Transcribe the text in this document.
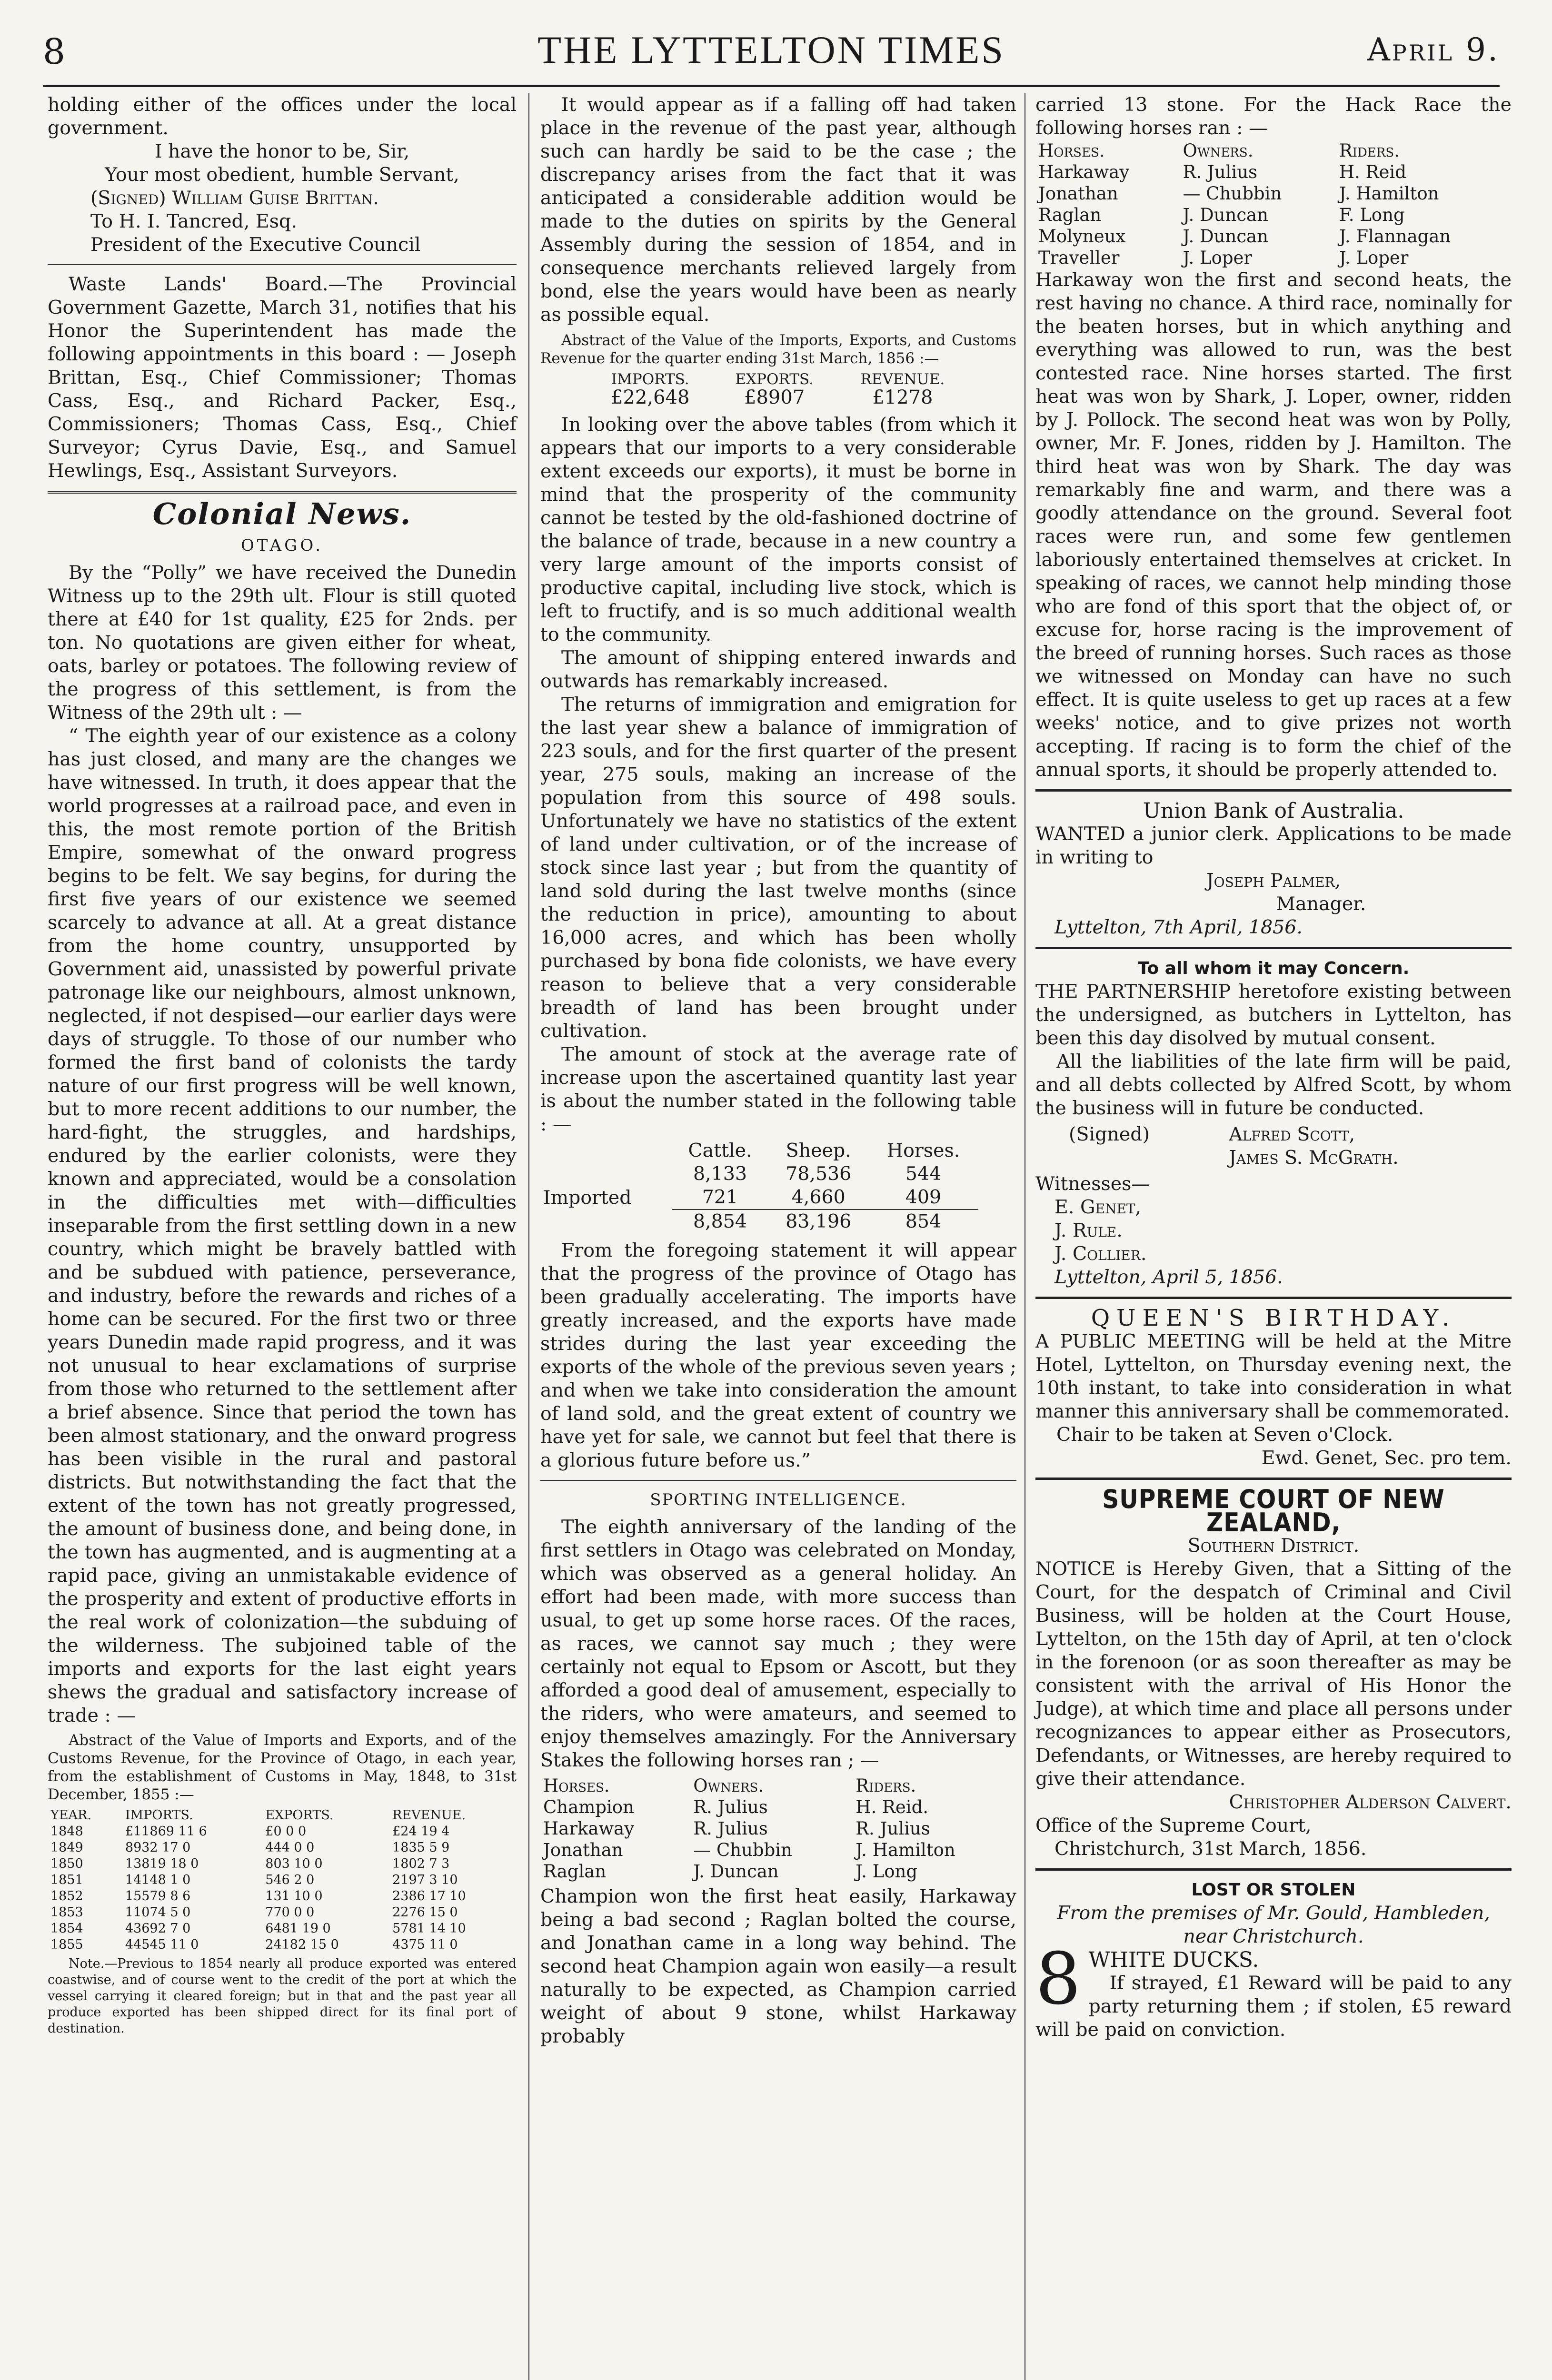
8	THE LYTTELTON TIMES	April 9.

holding either of the offices under the local government.

I have the honor to be, Sir,

Your most obedient, humble Servant,

(Signed) William Guise Brittan.

To H. I. Tancred, Esq.

President of the Executive Council

Waste Lands' Board.—The Provincial Government Gazette, March 31, notifies that his Honor the Superintendent has made the following appointments in this board : — Joseph Brittan, Esq., Chief Commissioner; Thomas Cass, Esq., and Richard Packer, Esq., Commissioners; Thomas Cass, Esq., Chief Surveyor; Cyrus Davie, Esq., and Samuel Hewlings, Esq., Assistant Surveyors.

Colonial News.
OTAGO.

By the “Polly” we have received the Dunedin Witness up to the 29th ult. Flour is still quoted there at £40 for 1st quality, £25 for 2nds. per ton. No quotations are given either for wheat, oats, barley or potatoes. The following review of the progress of this settlement, is from the Witness of the 29th ult : —

“ The eighth year of our existence as a colony has just closed, and many are the changes we have witnessed. In truth, it does appear that the world progresses at a railroad pace, and even in this, the most remote portion of the British Empire, somewhat of the onward progress begins to be felt. We say begins, for during the first five years of our existence we seemed scarcely to advance at all. At a great distance from the home country, unsupported by Government aid, unassisted by powerful private patronage like our neighbours, almost unknown, neglected, if not despised—our earlier days were days of struggle. To those of our number who formed the first band of colonists the tardy nature of our first progress will be well known, but to more recent additions to our number, the hard-fight, the struggles, and hardships, endured by the earlier colonists, were they known and appreciated, would be a consolation in the difficulties met with—difficulties inseparable from the first settling down in a new country, which might be bravely battled with and be subdued with patience, perseverance, and industry, before the rewards and riches of a home can be secured. For the first two or three years Dunedin made rapid progress, and it was not unusual to hear exclamations of surprise from those who returned to the settlement after a brief absence. Since that period the town has been almost stationary, and the onward progress has been visible in the rural and pastoral districts. But notwithstanding the fact that the extent of the town has not greatly progressed, the amount of business done, and being done, in the town has augmented, and is augmenting at a rapid pace, giving an unmistakable evidence of the prosperity and extent of productive efforts in the real work of colonization—the subduing of the wilderness. The subjoined table of the imports and exports for the last eight years shews the gradual and satisfactory increase of trade : —

Abstract of the Value of Imports and Exports, and of the Customs Revenue, for the Province of Otago, in each year, from the establishment of Customs in May, 1848, to 31st December, 1855 :—

YEAR.	IMPORTS.	EXPORTS.	REVENUE.
1848	£11869 11 6	£0 0 0	£24 19 4
1849	8932 17 0	444 0 0	1835 5 9
1850	13819 18 0	803 10 0	1802 7 3
1851	14148 1 0	546 2 0	2197 3 10
1852	15579 8 6	131 10 0	2386 17 10
1853	11074 5 0	770 0 0	2276 15 0
1854	43692 7 0	6481 19 0	5781 14 10
1855	44545 11 0	24182 15 0	4375 11 0

Note.—Previous to 1854 nearly all produce exported was entered coastwise, and of course went to the credit of the port at which the vessel carrying it cleared foreign; but in that and the past year all produce exported has been shipped direct for its final port of destination.

It would appear as if a falling off had taken place in the revenue of the past year, although such can hardly be said to be the case ; the discrepancy arises from the fact that it was anticipated a considerable addition would be made to the duties on spirits by the General Assembly during the session of 1854, and in consequence merchants relieved largely from bond, else the years would have been as nearly as possible equal.

Abstract of the Value of the Imports, Exports, and Customs Revenue for the quarter ending 31st March, 1856 :—

IMPORTS.	EXPORTS.	REVENUE.
£22,648	£8907	£1278

In looking over the above tables (from which it appears that our imports to a very considerable extent exceeds our exports), it must be borne in mind that the prosperity of the community cannot be tested by the old-fashioned doctrine of the balance of trade, because in a new country a very large amount of the imports consist of productive capital, including live stock, which is left to fructify, and is so much additional wealth to the community.

The amount of shipping entered inwards and outwards has remarkably increased.

The returns of immigration and emigration for the last year shew a balance of immigration of 223 souls, and for the first quarter of the present year, 275 souls, making an increase of the population from this source of 498 souls. Unfortunately we have no statistics of the extent of land under cultivation, or of the increase of stock since last year ; but from the quantity of land sold during the last twelve months (since the reduction in price), amounting to about 16,000 acres, and which has been wholly purchased by bona fide colonists, we have every reason to believe that a very considerable breadth of land has been brought under cultivation.

The amount of stock at the average rate of increase upon the ascertained quantity last year is about the number stated in the following table : —

	Cattle.	Sheep.	Horses.
	8,133	78,536	544
Imported	721	4,660	409

	8,854	83,196	854

From the foregoing statement it will appear that the progress of the province of Otago has been gradually accelerating. The imports have greatly increased, and the exports have made strides during the last year exceeding the exports of the whole of the previous seven years ; and when we take into consideration the amount of land sold, and the great extent of country we have yet for sale, we cannot but feel that there is a glorious future before us.”

SPORTING INTELLIGENCE.

The eighth anniversary of the landing of the first settlers in Otago was celebrated on Monday, which was observed as a general holiday. An effort had been made, with more success than usual, to get up some horse races. Of the races, as races, we cannot say much ; they were certainly not equal to Epsom or Ascott, but they afforded a good deal of amusement, especially to the riders, who were amateurs, and seemed to enjoy themselves amazingly. For the Anniversary Stakes the following horses ran ; —

Horses.	Owners.	Riders.
Champion	R. Julius	H. Reid.
Harkaway	R. Julius	R. Julius
Jonathan	— Chubbin	J. Hamilton
Raglan	J. Duncan	J. Long

Champion won the first heat easily, Harkaway being a bad second ; Raglan bolted the course, and Jonathan came in a long way behind. The second heat Champion again won easily—a result naturally to be expected, as Champion carried weight of about 9 stone, whilst Harkaway probably

carried 13 stone. For the Hack Race the following horses ran : —

Horses.	Owners.	Riders.
Harkaway	R. Julius	H. Reid
Jonathan	— Chubbin	J. Hamilton
Raglan	J. Duncan	F. Long
Molyneux	J. Duncan	J. Flannagan
Traveller	J. Loper	J. Loper

Harkaway won the first and second heats, the rest having no chance. A third race, nominally for the beaten horses, but in which anything and everything was allowed to run, was the best contested race. Nine horses started. The first heat was won by Shark, J. Loper, owner, ridden by J. Pollock. The second heat was won by Polly, owner, Mr. F. Jones, ridden by J. Hamilton. The third heat was won by Shark. The day was remarkably fine and warm, and there was a goodly attendance on the ground. Several foot races were run, and some few gentlemen laboriously entertained themselves at cricket. In speaking of races, we cannot help minding those who are fond of this sport that the object of, or excuse for, horse racing is the improvement of the breed of running horses. Such races as those we witnessed on Monday can have no such effect. It is quite useless to get up races at a few weeks' notice, and to give prizes not worth accepting. If racing is to form the chief of the annual sports, it should be properly attended to.

Union Bank of Australia.

WANTED a junior clerk. Applications to be made in writing to

Joseph Palmer,

Manager.

Lyttelton, 7th April, 1856.

To all whom it may Concern.

THE PARTNERSHIP heretofore existing between the undersigned, as butchers in Lyttelton, has been this day disolved by mutual consent.

All the liabilities of the late firm will be paid, and all debts collected by Alfred Scott, by whom the business will in future be conducted.

(Signed)	Alfred Scott,
	James S. McGrath.

Witnesses—

E. Genet,

J. Rule.

J. Collier.

Lyttelton, April 5, 1856.

QUEEN'S BIRTHDAY.

A PUBLIC MEETING will be held at the Mitre Hotel, Lyttelton, on Thursday evening next, the 10th instant, to take into consideration in what manner this anniversary shall be commemorated.

Chair to be taken at Seven o'Clock.

Ewd. Genet, Sec. pro tem.

SUPREME COURT OF NEW ZEALAND,

Southern District.

NOTICE is Hereby Given, that a Sitting of the Court, for the despatch of Criminal and Civil Business, will be holden at the Court House, Lyttelton, on the 15th day of April, at ten o'clock in the forenoon (or as soon thereafter as may be consistent with the arrival of His Honor the Judge), at which time and place all persons under recognizances to appear either as Prosecutors, Defendants, or Witnesses, are hereby required to give their attendance.

Christopher Alderson Calvert.

Office of the Supreme Court,

Christchurch, 31st March, 1856.

LOST OR STOLEN

From the premises of Mr. Gould, Hambleden, near Christchurch.

8 WHITE DUCKS.

If strayed, £1 Reward will be paid to any party returning them ; if stolen, £5 reward will be paid on conviction.
